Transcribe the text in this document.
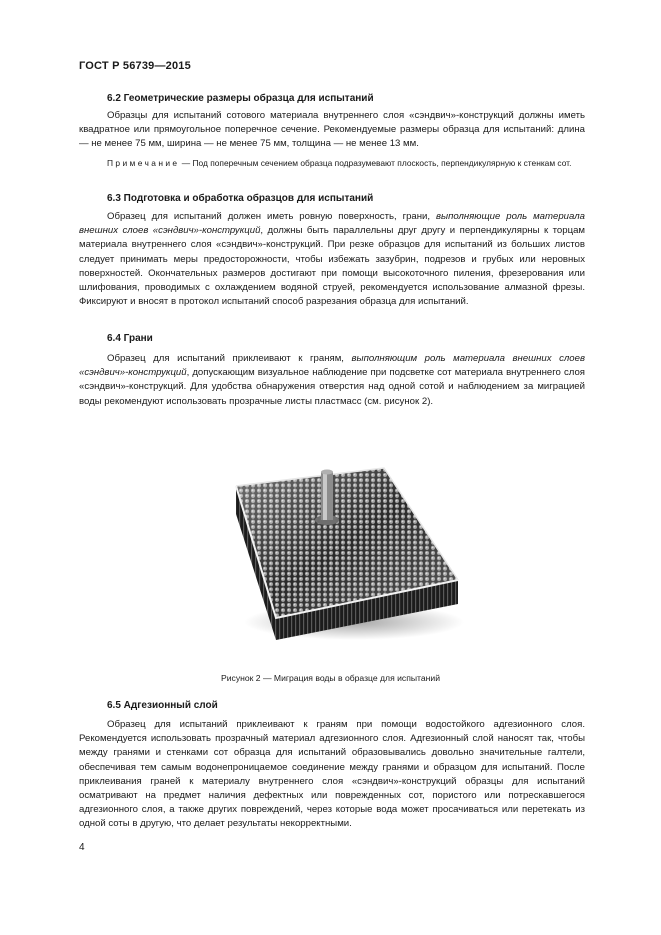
ГОСТ Р 56739—2015
6.2 Геометрические размеры образца для испытаний

Образцы для испытаний сотового материала внутреннего слоя «сэндвич»-конструкций должны иметь квадратное или прямоугольное поперечное сечение. Рекомендуемые размеры образца для испытаний: длина — не менее 75 мм, ширина — не менее 75 мм, толщина — не менее 13 мм.

Примечание — Под поперечным сечением образца подразумевают плоскость, перпендикулярную к стенкам сот.

6.3 Подготовка и обработка образцов для испытаний

Образец для испытаний должен иметь ровную поверхность, грани, выполняющие роль материала внешних слоев «сэндвич»-конструкций, должны быть параллельны друг другу и перпендикулярны к торцам материала внутреннего слоя «сэндвич»-конструкций. При резке образцов для испытаний из больших листов следует принимать меры предосторожности, чтобы избежать зазубрин, подрезов и грубых или неровных поверхностей. Окончательных размеров достигают при помощи высокоточного пиления, фрезерования или шлифования, проводимых с охлаждением водяной струей, рекомендуется использование алмазной фрезы. Фиксируют и вносят в протокол испытаний способ разрезания образца для испытаний.

6.4 Грани

Образец для испытаний приклеивают к граням, выполняющим роль материала внешних слоев «сэндвич»-конструкций, допускающим визуальное наблюдение при подсветке сот материала внутреннего слоя «сэндвич»-конструкций. Для удобства обнаружения отверстия над одной сотой и наблюдением за миграцией воды рекомендуют использовать прозрачные листы пластмасс (см. рисунок 2).

Рисунок 2 — Миграция воды в образце для испытаний
6.5 Адгезионный слой

Образец для испытаний приклеивают к граням при помощи водостойкого адгезионного слоя. Рекомендуется использовать прозрачный материал адгезионного слоя. Адгезионный слой наносят так, чтобы между гранями и стенками сот образца для испытаний образовывались довольно значительные галтели, обеспечивая тем самым водонепроницаемое соединение между гранями и образцом для испытаний. После приклеивания граней к материалу внутреннего слоя «сэндвич»-конструкций образцы для испытаний осматривают на предмет наличия дефектных или поврежденных сот, пористого или потрескавшегося адгезионного слоя, а также других повреждений, через которые вода может просачиваться или перетекать из одной соты в другую, что делает результаты некорректными.

4
